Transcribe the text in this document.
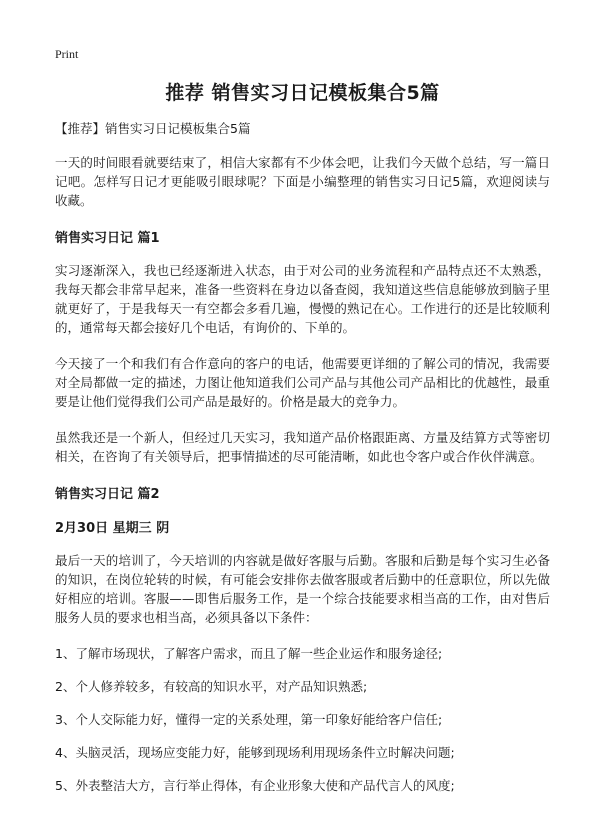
Print
推荐 销售实习日记模板集合5篇
【推荐】销售实习日记模板集合5篇

一天的时间眼看就要结束了，相信大家都有不少体会吧，让我们今天做个总结，写一篇日记吧。怎样写日记才更能吸引眼球呢？下面是小编整理的销售实习日记5篇，欢迎阅读与收藏。

销售实习日记 篇1

实习逐渐深入，我也已经逐渐进入状态，由于对公司的业务流程和产品特点还不太熟悉，我每天都会非常早起来，准备一些资料在身边以备查阅，我知道这些信息能够放到脑子里就更好了，于是我每天一有空都会多看几遍，慢慢的熟记在心。工作进行的还是比较顺利的，通常每天都会接好几个电话，有询价的、下单的。

今天接了一个和我们有合作意向的客户的电话，他需要更详细的了解公司的情况，我需要对全局都做一定的描述，力图让他知道我们公司产品与其他公司产品相比的优越性，最重要是让他们觉得我们公司产品是最好的。价格是最大的竞争力。

虽然我还是一个新人，但经过几天实习，我知道产品价格跟距离、方量及结算方式等密切相关，在咨询了有关领导后，把事情描述的尽可能清晰，如此也令客户或合作伙伴满意。

销售实习日记 篇2
2月30日 星期三 阴

最后一天的培训了，今天培训的内容就是做好客服与后勤。客服和后勤是每个实习生必备的知识，在岗位轮转的时候，有可能会安排你去做客服或者后勤中的任意职位，所以先做好相应的培训。客服——即售后服务工作，是一个综合技能要求相当高的工作，由对售后服务人员的要求也相当高，必须具备以下条件：

1、了解市场现状，了解客户需求，而且了解一些企业运作和服务途径;
2、个人修养较多，有较高的知识水平，对产品知识熟悉;
3、个人交际能力好，懂得一定的关系处理，第一印象好能给客户信任;
4、头脑灵活，现场应变能力好，能够到现场利用现场条件立时解决问题;
5、外表整洁大方，言行举止得体，有企业形象大使和产品代言人的风度;
